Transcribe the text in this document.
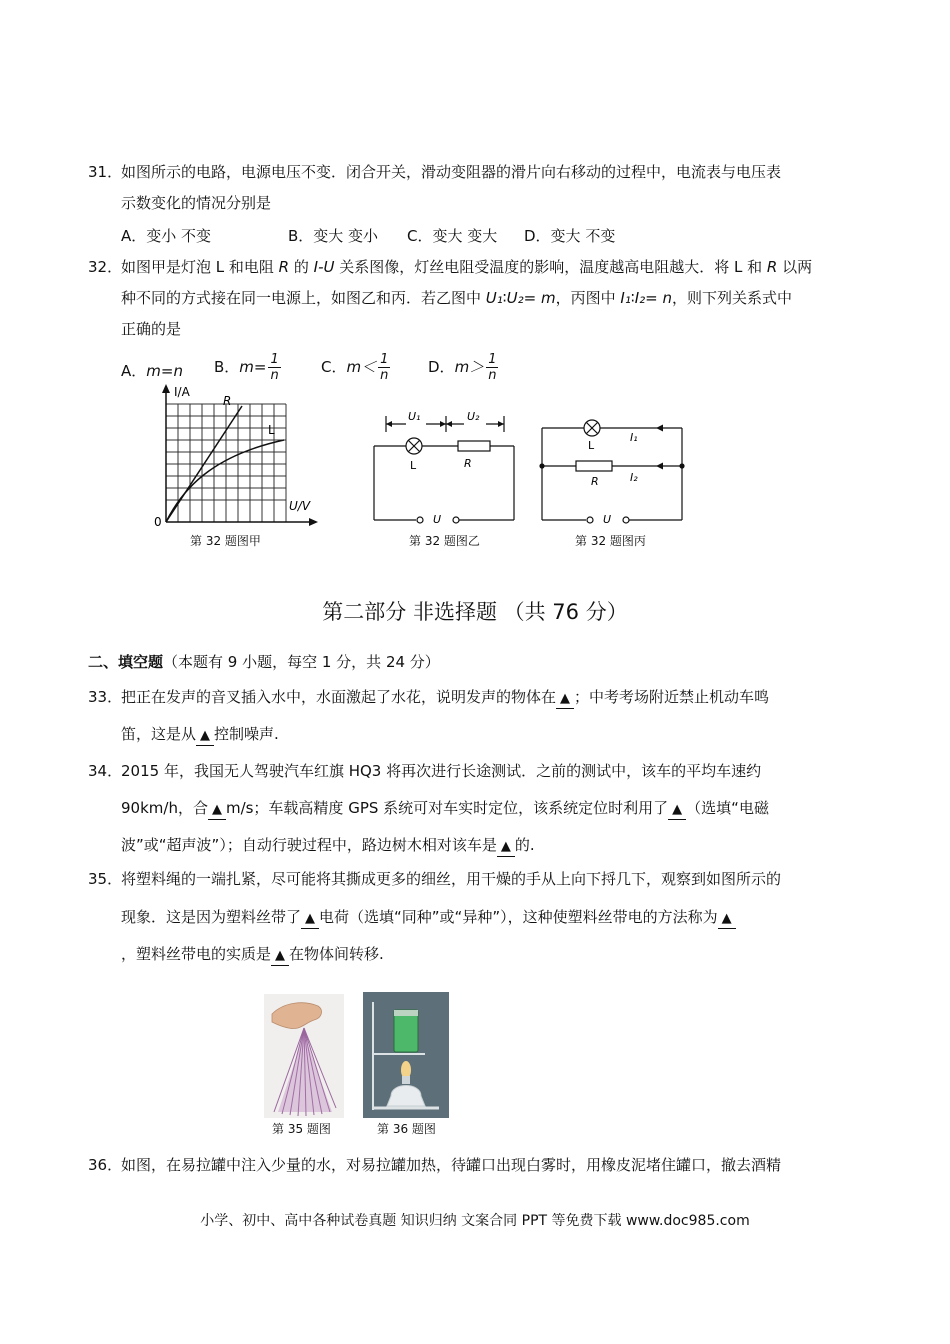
31．
如图所示的电路，电源电压不变．闭合开关，滑动变阻器的滑片向右移动的过程中，电流表与电压表
示数变化的情况分别是
A．变小 不变	B．变大 变小 C．变大 变大 D．变大 不变
32．
如图甲是灯泡 L 和电阻 R 的 I-U 关系图像，灯丝电阻受温度的影响，温度越高电阻越大．将 L 和 R 以两
种不同的方式接在同一电源上，如图乙和丙．若乙图中 U₁∶U₂= m，丙图中 I₁∶I₂= n，则下列关系式中
正确的是
A．m=n B．$m= \frac{1}{n}$	C．$m< \frac{1}{n}$	D．$m> \frac{1}{n}$
I/A
U/V
0
R
L
第 32 题图甲
U₁	U₂
L	R
U
第 32 题图乙
L
R
I₁
I₂
U
第 32 题图丙
第二部分 非选择题 （共 76 分）
二、填空题（本题有 9 小题，每空 1 分，共 24 分）
33．
把正在发声的音叉插入水中，水面激起了水花，说明发声的物体在 ▲ ；中考考场附近禁止机动车鸣
笛，这是从 ▲ 控制噪声.
34．
2015 年，我国无人驾驶汽车红旗 HQ3 将再次进行长途测试．之前的测试中，该车的平均车速约
90km/h，合 ▲ m/s；车载高精度 GPS 系统可对车实时定位，该系统定位时利用了 ▲ （选填“电磁
波”或“超声波”）；自动行驶过程中，路边树木相对该车是 ▲ 的.
35．
将塑料绳的一端扎紧，尽可能将其撕成更多的细丝，用干燥的手从上向下捋几下，观察到如图所示的
现象．这是因为塑料丝带了 ▲ 电荷（选填“同种”或“异种”），这种使塑料丝带电的方法称为 ▲
，塑料丝带电的实质是 ▲ 在物体间转移.
第 35 题图	第 36 题图
36．
如图，在易拉罐中注入少量的水，对易拉罐加热，待罐口出现白雾时，用橡皮泥堵住罐口，撤去酒精
小学、初中、高中各种试卷真题 知识归纳 文案合同 PPT 等免费下载 www.doc985.com
